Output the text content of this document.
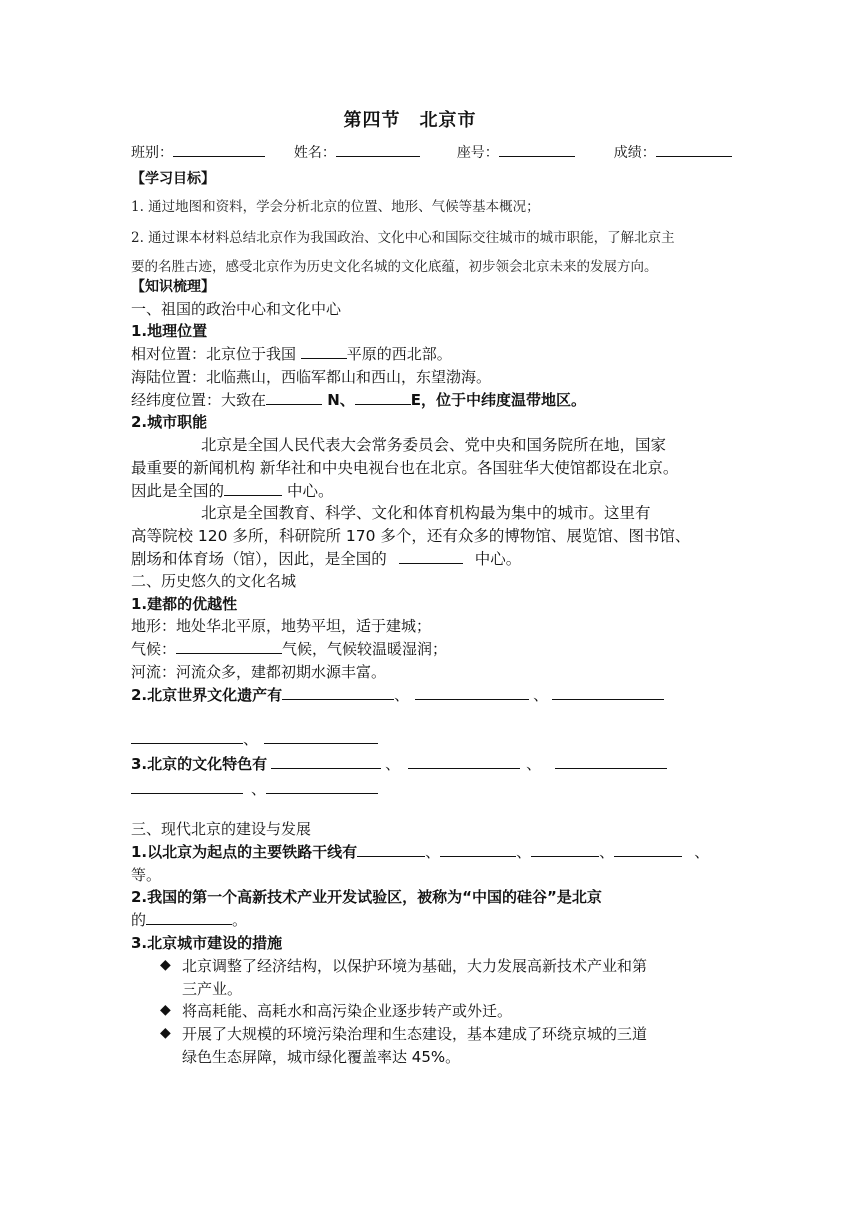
第四节　北京市
班别：	姓名：	座号：	成绩：
【学习目标】
1. 通过地图和资料，学会分析北京的位置、地形、气候等基本概况；
2. 通过课本材料总结北京作为我国政治、文化中心和国际交往城市的城市职能，了解北京主
要的名胜古迹，感受北京作为历史文化名城的文化底蕴，初步领会北京未来的发展方向。
【知识梳理】
一、祖国的政治中心和文化中心
1.地理位置
相对位置：北京位于我国	平原的西北部。
海陆位置：北临燕山，西临军都山和西山，东望渤海。
经纬度位置：大致在	N、	E，位于中纬度温带地区。
2.城市职能
北京是全国人民代表大会常务委员会、党中央和国务院所在地，国家
最重要的新闻机构 新华社和中央电视台也在北京。各国驻华大使馆都设在北京。
因此是全国的	中心。
北京是全国教育、科学、文化和体育机构最为集中的城市。这里有
高等院校 120 多所，科研院所 170 多个，还有众多的博物馆、展览馆、图书馆、
剧场和体育场（馆），因此，是全国的	中心。
二、历史悠久的文化名城
1.建都的优越性
地形：地处华北平原，地势平坦，适于建城；
气候：	气候，气候较温暖湿润；
河流：河流众多，建都初期水源丰富。
2.北京世界文化遗产有	、	、
、
3.北京的文化特色有	、	、
、
三、现代北京的建设与发展
1.以北京为起点的主要铁路干线有	、	、	、	、
等。
2.我国的第一个高新技术产业开发试验区，被称为“中国的硅谷”是北京
的	。
3.北京城市建设的措施
◆ 北京调整了经济结构，以保护环境为基础，大力发展高新技术产业和第
三产业。
◆ 将高耗能、高耗水和高污染企业逐步转产或外迁。
◆ 开展了大规模的环境污染治理和生态建设，基本建成了环绕京城的三道
绿色生态屏障，城市绿化覆盖率达 45%。
